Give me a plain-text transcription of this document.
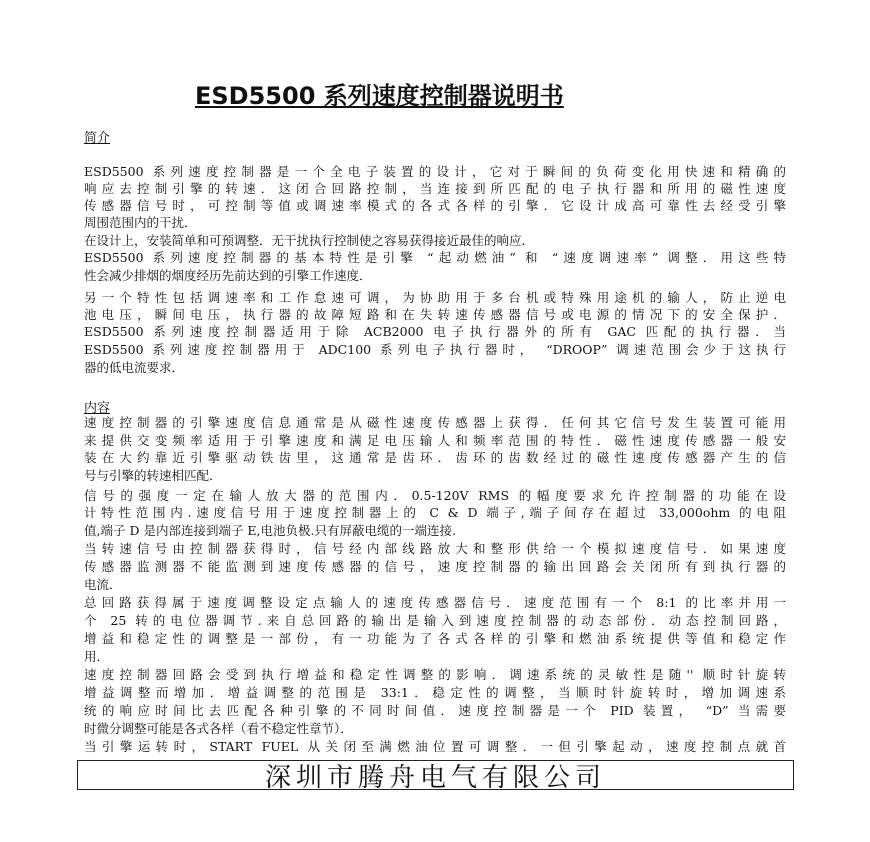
ESD5500 系列速度控制器说明书
简介
ESD5500 系列速度控制器是一个全电子装置的设计，它对于瞬间的负荷变化用快速和精确的
响应去控制引擎的转速．这闭合回路控制，当连接到所匹配的电子执行器和所用的磁性速度
传感器信号时，可控制等值或调速率模式的各式各样的引擎．它设计成高可靠性去经受引擎
周围范围内的干扰．
在设计上，安装简单和可预调整．无干扰执行控制使之容易获得接近最佳的响应．
ESD5500 系列速度控制器的基本特性是引擎 “起动燃油” 和 “速度调速率” 调整．用这些特
性会减少排烟的烟度经历先前达到的引擎工作速度．
另一个特性包括调速率和工作怠速可调，为协助用于多台机或特殊用途机的输人，防止逆电
池电压，瞬间电压，执行器的故障短路和在失转速传感器信号或电源的情况下的安全保护．
ESD5500 系列速度控制器适用于除 ACB2000 电子执行器外的所有 GAC 匹配的执行器．当
ESD5500 系列速度控制器用于 ADC100 系列电子执行器时， “DROOP” 调速范围会少于这执行
器的低电流要求．
内容
速度控制器的引擎速度信息通常是从磁性速度传感器上获得．任何其它信号发生装置可能用
来提供交变频率适用于引擎速度和满足电压输人和频率范围的特性．磁性速度传感器一般安
装在大约靠近引擎驱动铁齿里，这通常是齿环．齿环的齿数经过的磁性速度传感器产生的信
号与引擎的转速相匹配．
信号的强度一定在输人放大器的范围内．0.5-120V RMS 的幅度要求允许控制器的功能在设
计特性范围内.速度信号用于速度控制器上的 C & D 端子,端子间存在超过 33,000ohm 的电阻
值,端子 D 是内部连接到端子 E,电池负极.只有屏蔽电缆的一端连接.
当转速信号由控制器获得时，信号经内部线路放大和整形供给一个模拟速度信号．如果速度
传感器监测器不能监测到速度传感器的信号，速度控制器的输出回路会关闭所有到执行器的
电流．
总回路获得属于速度调整设定点输人的速度传感器信号．速度范围有一个 8:1 的比率并用一
个 25 转的电位器调节.来自总回路的输出是输入到速度控制器的动态部份．动态控制回路，
增益和稳定性的调整是一部份，有一功能为了各式各样的引擎和燃油系统提供等值和稳定作
用．
速度控制器回路会受到执行增益和稳定性调整的影响．调速系统的灵敏性是随'' 顺时针旋转
增益调整而增加．增益调整的范围是 33:1．稳定性的调整，当顺时针旋转时，增加调速系
统的响应时间比去匹配各种引擎的不同时间值．速度控制器是一个 PID 装置， “D” 当需要
时微分调整可能是各式各样（看不稳定性章节）．
当引擎运转时，START FUEL 从关闭至满燃油位置可调整．一但引擎起动，速度控制点就首
深圳市腾舟电气有限公司
